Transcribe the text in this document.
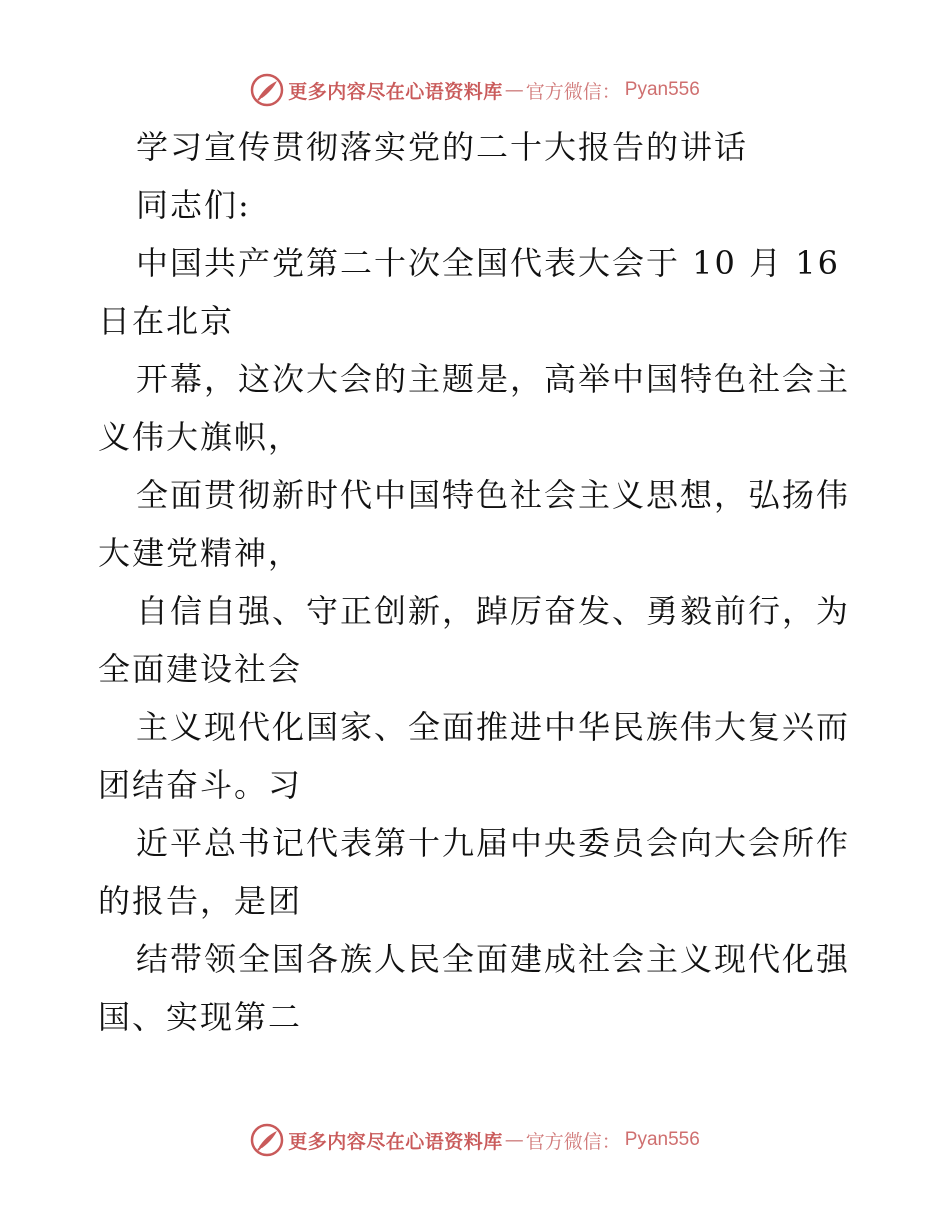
更多内容尽在心语资料库 — 官方微信 ： Pyan556

学习宣传贯彻落实党的二十大报告的讲话

同志们:

中国共产党第二十次全国代表大会于 10 月 16

日在北京

开幕，这次大会的主题是，高举中国特色社会主

义伟大旗帜，

全面贯彻新时代中国特色社会主义思想，弘扬伟

大建党精神，

自信自强、守正创新，踔厉奋发、勇毅前行，为

全面建设社会

主义现代化国家、全面推进中华民族伟大复兴而

团结奋斗。习

近平总书记代表第十九届中央委员会向大会所作

的报告，是团

结带领全国各族人民全面建成社会主义现代化强

国、实现第二

更多内容尽在心语资料库 — 官方微信 ： Pyan556
